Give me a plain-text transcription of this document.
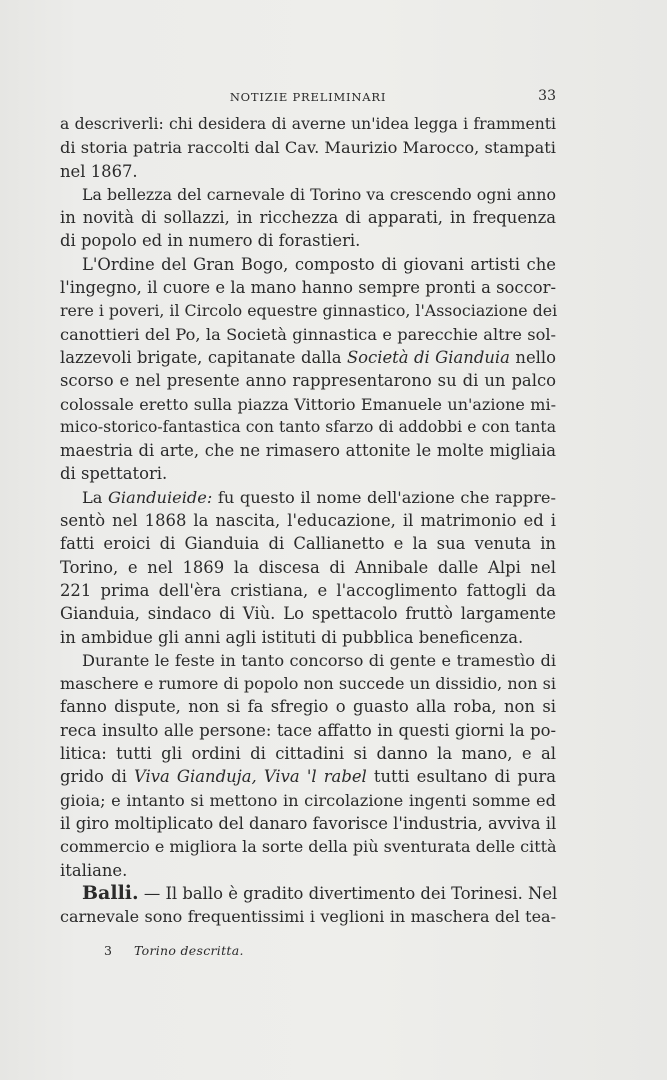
NOTIZIE PRELIMINARI	33
a descriverli: chi desidera di averne un'idea legga i frammenti
di storia patria raccolti dal Cav. Maurizio Marocco, stampati
nel 1867.
La bellezza del carnevale di Torino va crescendo ogni anno
in novità di sollazzi, in ricchezza di apparati, in frequenza
di popolo ed in numero di forastieri.
L'Ordine del Gran Bogo, composto di giovani artisti che
l'ingegno, il cuore e la mano hanno sempre pronti a soccor-
rere i poveri, il Circolo equestre ginnastico, l'Associazione dei
canottieri del Po, la Società ginnastica e parecchie altre sol-
lazzevoli brigate, capitanate dalla Società di Gianduia nello
scorso e nel presente anno rappresentarono su di un palco
colossale eretto sulla piazza Vittorio Emanuele un'azione mi-
mico-storico-fantastica con tanto sfarzo di addobbi e con tanta
maestria di arte, che ne rimasero attonite le molte migliaia
di spettatori.
La Gianduieide: fu questo il nome dell'azione che rappre-
sentò nel 1868 la nascita, l'educazione, il matrimonio ed i
fatti eroici di Gianduia di Callianetto e la sua venuta in
Torino, e nel 1869 la discesa di Annibale dalle Alpi nel
221 prima dell'èra cristiana, e l'accoglimento fattogli da
Gianduia, sindaco di Viù. Lo spettacolo fruttò largamente
in ambidue gli anni agli istituti di pubblica beneficenza.
Durante le feste in tanto concorso di gente e tramestìo di
maschere e rumore di popolo non succede un dissidio, non si
fanno dispute, non si fa sfregio o guasto alla roba, non si
reca insulto alle persone: tace affatto in questi giorni la po-
litica: tutti gli ordini di cittadini si danno la mano, e al
grido di Viva Gianduja, Viva 'l rabel tutti esultano di pura
gioia; e intanto si mettono in circolazione ingenti somme ed
il giro moltiplicato del danaro favorisce l'industria, avviva il
commercio e migliora la sorte della più sventurata delle città
italiane.
Balli. — Il ballo è gradito divertimento dei Torinesi. Nel
carnevale sono frequentissimi i veglioni in maschera del tea-
3 Torino descritta.
